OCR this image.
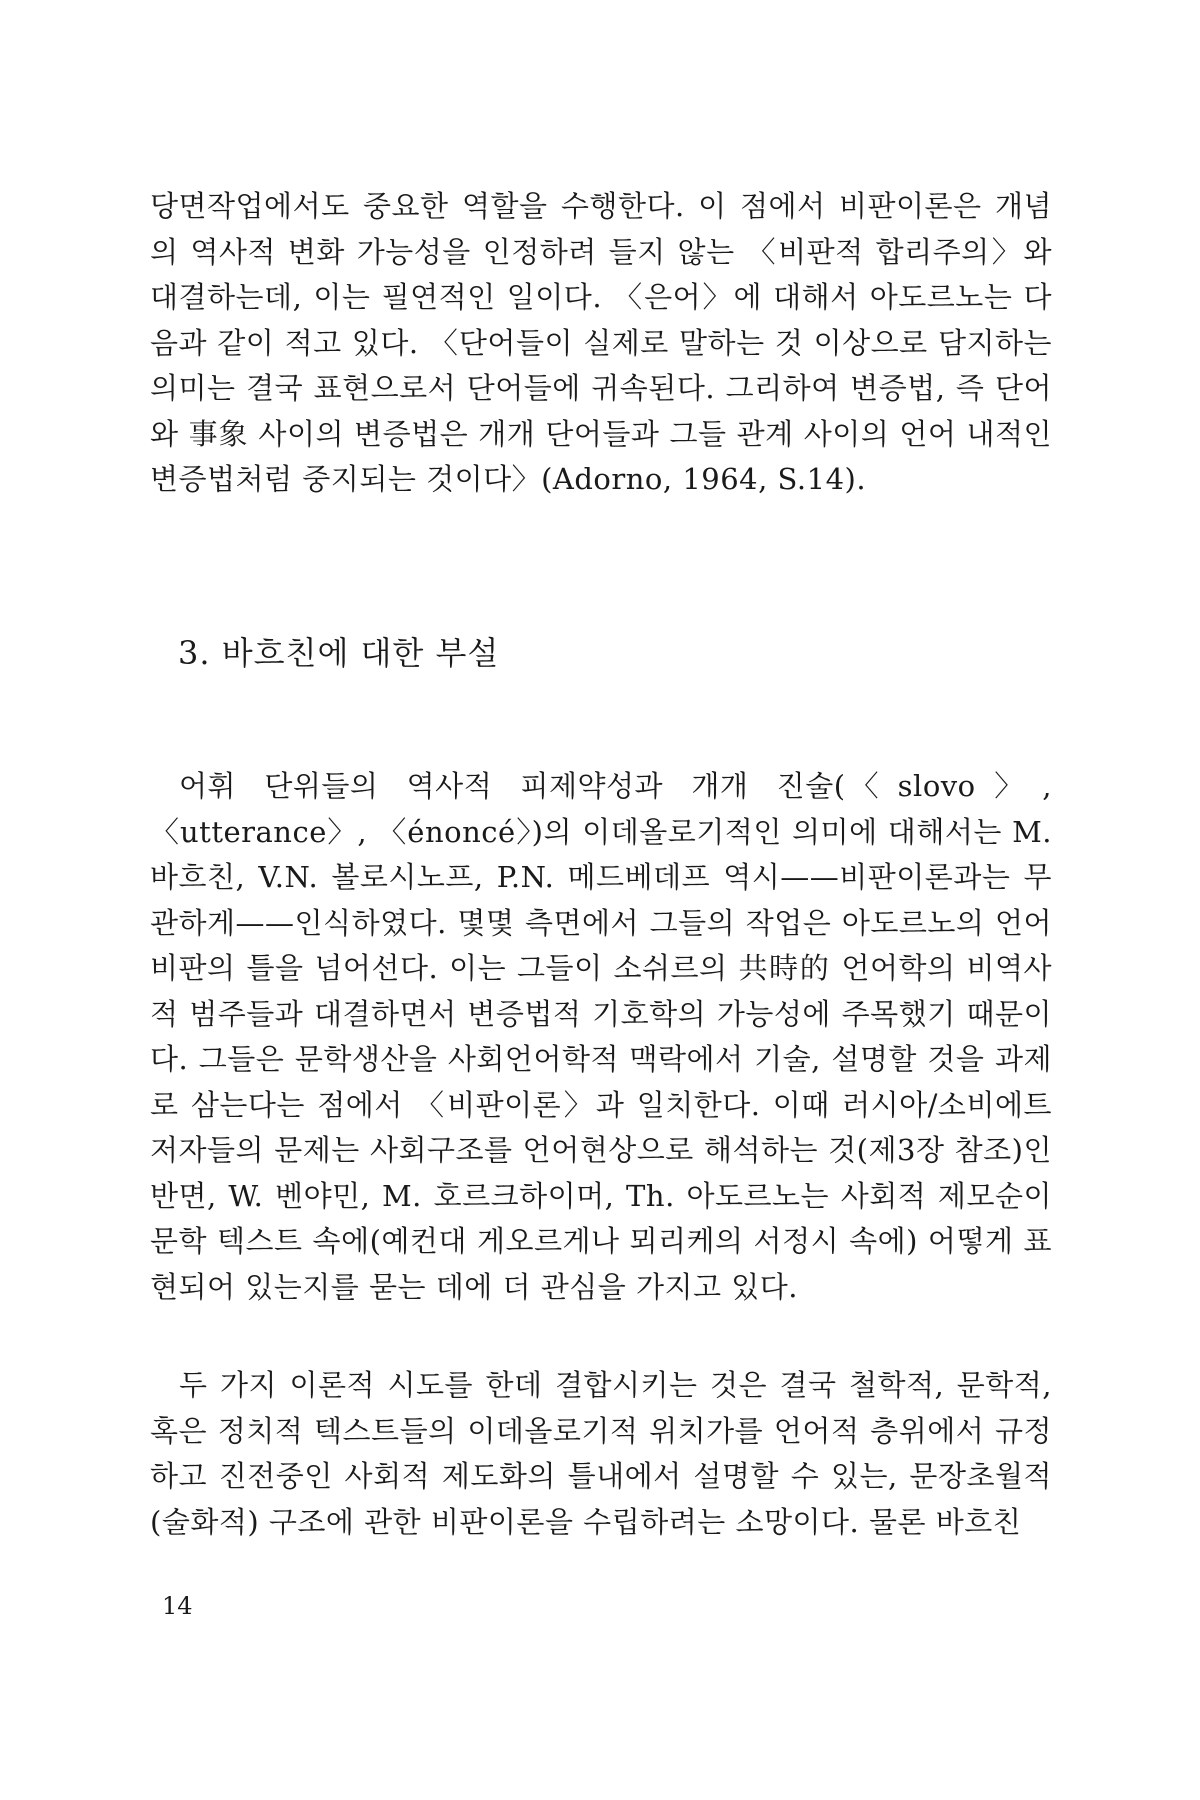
당면작업에서도 중요한 역할을 수행한다. 이 점에서 비판이론은 개념의 역사적 변화 가능성을 인정하려 들지 않는 〈비판적 합리주의〉와 대결하는데, 이는 필연적인 일이다. 〈은어〉에 대해서 아도르노는 다음과 같이 적고 있다. 〈단어들이 실제로 말하는 것 이상으로 담지하는 의미는 결국 표현으로서 단어들에 귀속된다. 그리하여 변증법, 즉 단어와 事象 사이의 변증법은 개개 단어들과 그들 관계 사이의 언어 내적인 변증법처럼 중지되는 것이다〉(Adorno, 1964, S.14).

3. 바흐친에 대한 부설

어휘 단위들의 역사적 피제약성과 개개 진술(〈slovo〉, 〈utterance〉, 〈énoncé〉)의 이데올로기적인 의미에 대해서는 M. 바흐친, V.N. 볼로시노프, P.N. 메드베데프 역시——비판이론과는 무관하게——인식하였다. 몇몇 측면에서 그들의 작업은 아도르노의 언어비판의 틀을 넘어선다. 이는 그들이 소쉬르의 共時的 언어학의 비역사적 범주들과 대결하면서 변증법적 기호학의 가능성에 주목했기 때문이다. 그들은 문학생산을 사회언어학적 맥락에서 기술, 설명할 것을 과제로 삼는다는 점에서 〈비판이론〉과 일치한다. 이때 러시아/소비에트 저자들의 문제는 사회구조를 언어현상으로 해석하는 것(제3장 참조)인 반면, W. 벤야민, M. 호르크하이머, Th. 아도르노는 사회적 제모순이 문학 텍스트 속에(예컨대 게오르게나 뫼리케의 서정시 속에) 어떻게 표현되어 있는지를 묻는 데에 더 관심을 가지고 있다.

두 가지 이론적 시도를 한데 결합시키는 것은 결국 철학적, 문학적, 혹은 정치적 텍스트들의 이데올로기적 위치가를 언어적 층위에서 규정하고 진전중인 사회적 제도화의 틀내에서 설명할 수 있는, 문장초월적(술화적) 구조에 관한 비판이론을 수립하려는 소망이다. 물론 바흐친

14
